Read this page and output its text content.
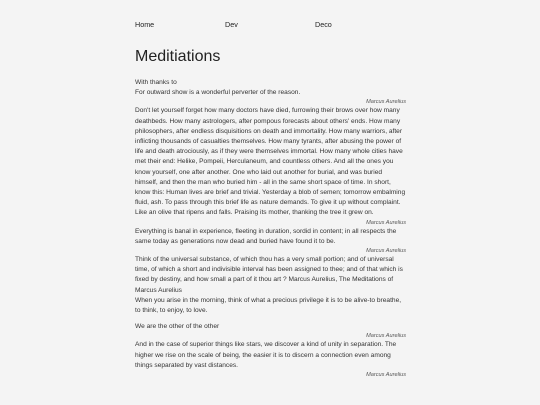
Home	Dev	Deco
Meditiations

With thanks to

For outward show is a wonderful perverter of the reason.

Marcus Aurelius

Don't let yourself forget how many doctors have died, furrowing their brows over how many deathbeds. How many astrologers, after pompous forecasts about others' ends. How many philosophers, after endless disquisitions on death and immortality. How many warriors, after inflicting thousands of casualties themselves. How many tyrants, after abusing the power of life and death atrociously, as if they were themselves immortal. How many whole cities have met their end: Helike, Pompeii, Herculaneum, and countless others. And all the ones you know yourself, one after another. One who laid out another for burial, and was buried himself, and then the man who buried him - all in the same short space of time. In short, know this: Human lives are brief and trivial. Yesterday a blob of semen; tomorrow embalming fluid, ash. To pass through this brief life as nature demands. To give it up without complaint. Like an olive that ripens and falls. Praising its mother, thanking the tree it grew on.

Marcus Aurelius

Everything is banal in experience, fleeting in duration, sordid in content; in all respects the same today as generations now dead and buried have found it to be.

Marcus Aurelius

Think of the universal substance, of which thou has a very small portion; and of universal time, of which a short and indivisible interval has been assigned to thee; and of that which is fixed by destiny, and how small a part of it thou art ? Marcus Aurelius, The Meditations of Marcus Aurelius

When you arise in the morning, think of what a precious privilege it is to be alive-to breathe, to think, to enjoy, to love.

We are the other of the other

Marcus Aurelius

And in the case of superior things like stars, we discover a kind of unity in separation. The higher we rise on the scale of being, the easier it is to discern a connection even among things separated by vast distances.

Marcus Aurelius
